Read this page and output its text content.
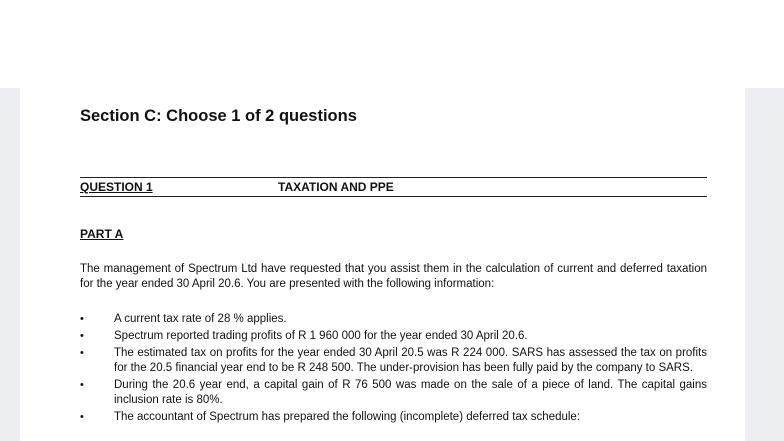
Section C: Choose 1 of 2 questions
QUESTION 1	TAXATION AND PPE
PART A

The management of Spectrum Ltd have requested that you assist them in the calculation of current and deferred taxation for the year ended 30 April 20.6. You are presented with the following information:

•	A current tax rate of 28 % applies.
•	Spectrum reported trading profits of R 1 960 000 for the year ended 30 April 20.6.
•	The estimated tax on profits for the year ended 30 April 20.5 was R 224 000. SARS has assessed the tax on profits for the 20.5 financial year end to be R 248 500. The under-provision has been fully paid by the company to SARS.
•	During the 20.6 year end, a capital gain of R 76 500 was made on the sale of a piece of land. The capital gains inclusion rate is 80%.
•	The accountant of Spectrum has prepared the following (incomplete) deferred tax schedule:
